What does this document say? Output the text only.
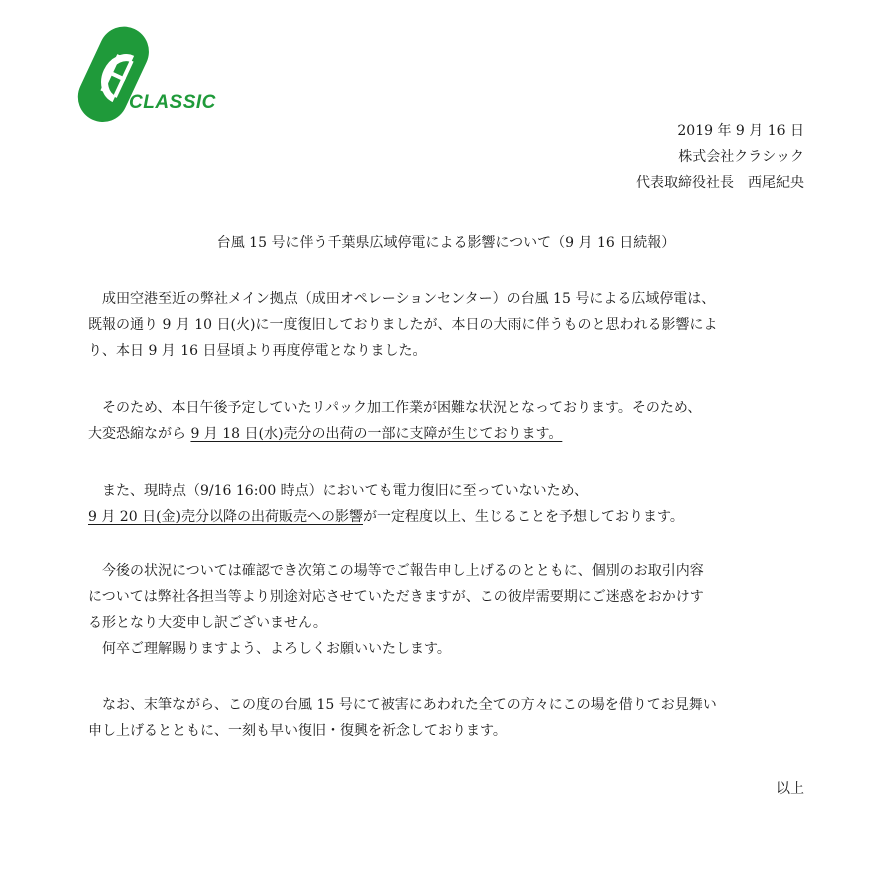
CLASSIC
2019 年 9 月 16 日
株式会社クラシック
代表取締役社長　西尾紀央
台風 15 号に伴う千葉県広域停電による影響について（9 月 16 日続報）

　成田空港至近の弊社メイン拠点（成田オペレーションセンター）の台風 15 号による広域停電は、

既報の通り 9 月 10 日(火)に一度復旧しておりましたが、本日の大雨に伴うものと思われる影響によ

り、本日 9 月 16 日昼頃より再度停電となりました。

　そのため、本日午後予定していたリパック加工作業が困難な状況となっております。そのため、

大変恐縮ながら 9 月 18 日(水)売分の出荷の一部に支障が生じております。

　また、現時点（9/16 16:00 時点）においても電力復旧に至っていないため、

9 月 20 日(金)売分以降の出荷販売への影響が一定程度以上、生じることを予想しております。

　今後の状況については確認でき次第この場等でご報告申し上げるのとともに、個別のお取引内容

については弊社各担当等より別途対応させていただきますが、この彼岸需要期にご迷惑をおかけす

る形となり大変申し訳ございません。

　何卒ご理解賜りますよう、よろしくお願いいたします。

　なお、末筆ながら、この度の台風 15 号にて被害にあわれた全ての方々にこの場を借りてお見舞い

申し上げるとともに、一刻も早い復旧・復興を祈念しております。

以上
